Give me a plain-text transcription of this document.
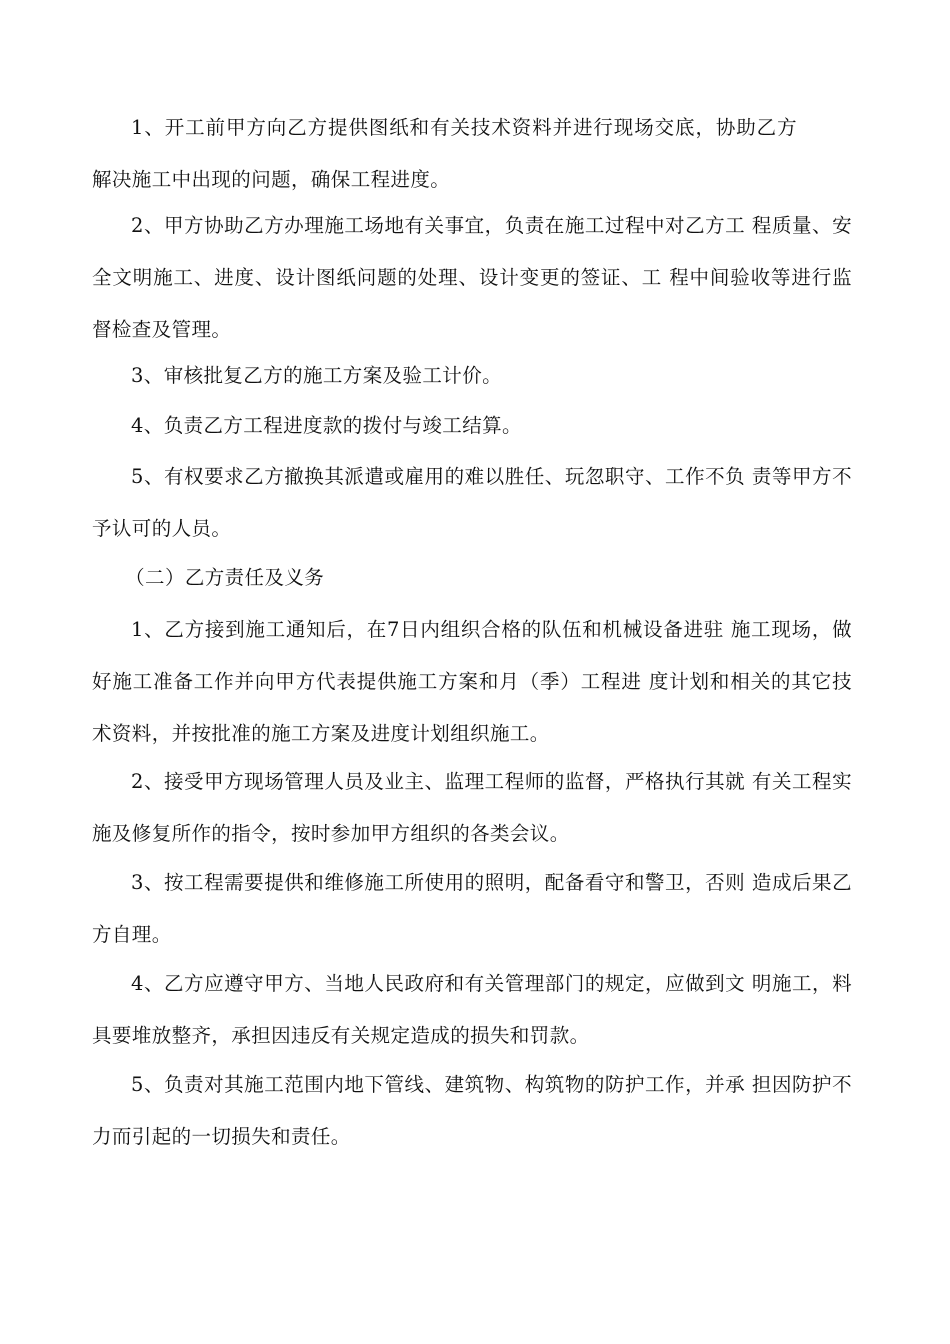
1、开工前甲方向乙方提供图纸和有关技术资料并进行现场交底，协助乙方解决施工中出现的问题，确保工程进度。

2、甲方协助乙方办理施工场地有关事宜，负责在施工过程中对乙方工 程质量、安全文明施工、进度、设计图纸问题的处理、设计变更的签证、工 程中间验收等进行监督检查及管理。

3、审核批复乙方的施工方案及验工计价。

4、负责乙方工程进度款的拨付与竣工结算。

5、有权要求乙方撤换其派遣或雇用的难以胜任、玩忽职守、工作不负 责等甲方不予认可的人员。

（二）乙方责任及义务

1、乙方接到施工通知后，在7日内组织合格的队伍和机械设备进驻 施工现场，做好施工准备工作并向甲方代表提供施工方案和月（季）工程进 度计划和相关的其它技术资料，并按批准的施工方案及进度计划组织施工。

2、接受甲方现场管理人员及业主、监理工程师的监督，严格执行其就 有关工程实施及修复所作的指令，按时参加甲方组织的各类会议。

3、按工程需要提供和维修施工所使用的照明，配备看守和警卫，否则 造成后果乙方自理。

4、乙方应遵守甲方、当地人民政府和有关管理部门的规定，应做到文 明施工，料具要堆放整齐，承担因违反有关规定造成的损失和罚款。

5、负责对其施工范围内地下管线、建筑物、构筑物的防护工作，并承 担因防护不力而引起的一切损失和责任。
